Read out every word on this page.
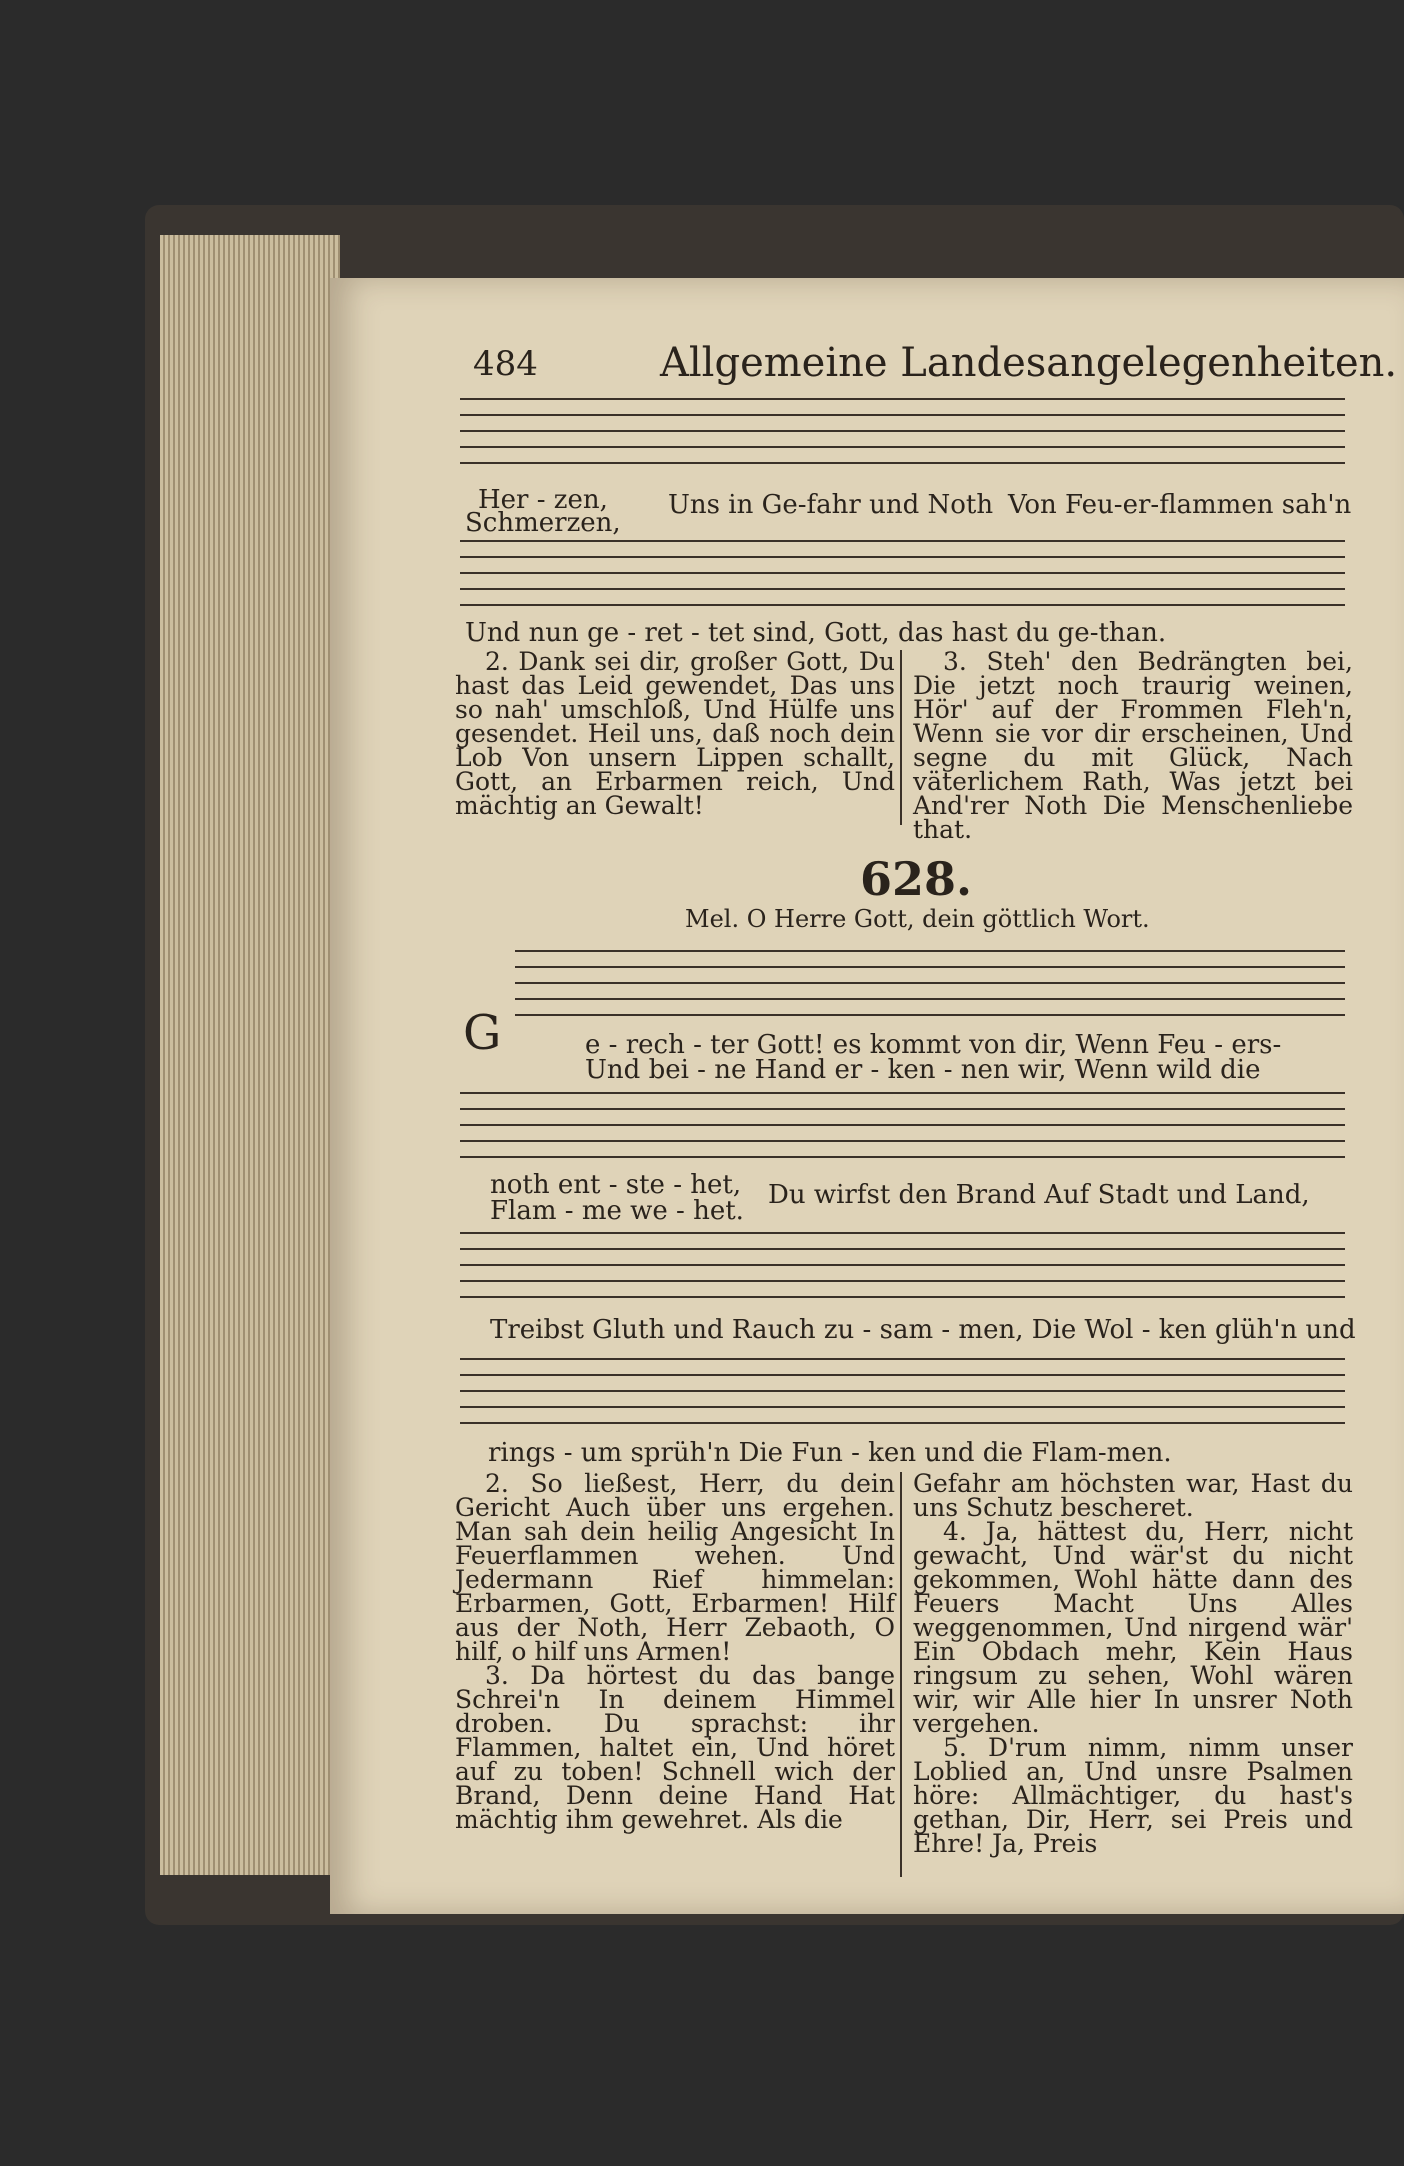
484	Allgemeine Landesangelegenheiten.
Her - zen,
Schmerzen,
Uns in Ge-fahr und Noth Von Feu-er-flammen sah'n
Und nun ge - ret - tet sind, Gott, das hast du ge-than.

2. Dank sei dir, großer Gott, Du hast das Leid gewendet, Das uns so nah' umschloß, Und Hülfe uns gesendet. Heil uns, daß noch dein Lob Von unsern Lippen schallt, Gott, an Erbarmen reich, Und mächtig an Gewalt!

3. Steh' den Bedrängten bei, Die jetzt noch traurig weinen, Hör' auf der Frommen Fleh'n, Wenn sie vor dir erscheinen, Und segne du mit Glück, Nach väterlichem Rath, Was jetzt bei And'rer Noth Die Menschenliebe that.

628.
Mel. O Herre Gott, dein göttlich Wort.
G	e - rech - ter Gott! es kommt von dir, Wenn Feu - ers-
Und bei - ne Hand er - ken - nen wir, Wenn wild die
noth ent - ste - het,
Flam - me we - het.
Du wirfst den Brand Auf Stadt und Land,
Treibst Gluth und Rauch zu - sam - men, Die Wol - ken glüh'n und
rings - um sprüh'n Die Fun - ken und die Flam-men.

2. So ließest, Herr, du dein Gericht Auch über uns ergehen. Man sah dein heilig Angesicht In Feuerflammen wehen. Und Jedermann Rief himmelan: Erbarmen, Gott, Erbarmen! Hilf aus der Noth, Herr Zebaoth, O hilf, o hilf uns Armen!

3. Da hörtest du das bange Schrei'n In deinem Himmel droben. Du sprachst: ihr Flammen, haltet ein, Und höret auf zu toben! Schnell wich der Brand, Denn deine Hand Hat mächtig ihm gewehret. Als die

Gefahr am höchsten war, Hast du uns Schutz bescheret.

4. Ja, hättest du, Herr, nicht gewacht, Und wär'st du nicht gekommen, Wohl hätte dann des Feuers Macht Uns Alles weggenommen, Und nirgend wär' Ein Obdach mehr, Kein Haus ringsum zu sehen, Wohl wären wir, wir Alle hier In unsrer Noth vergehen.

5. D'rum nimm, nimm unser Loblied an, Und unsre Psalmen höre: Allmächtiger, du hast's gethan, Dir, Herr, sei Preis und Ehre! Ja, Preis
